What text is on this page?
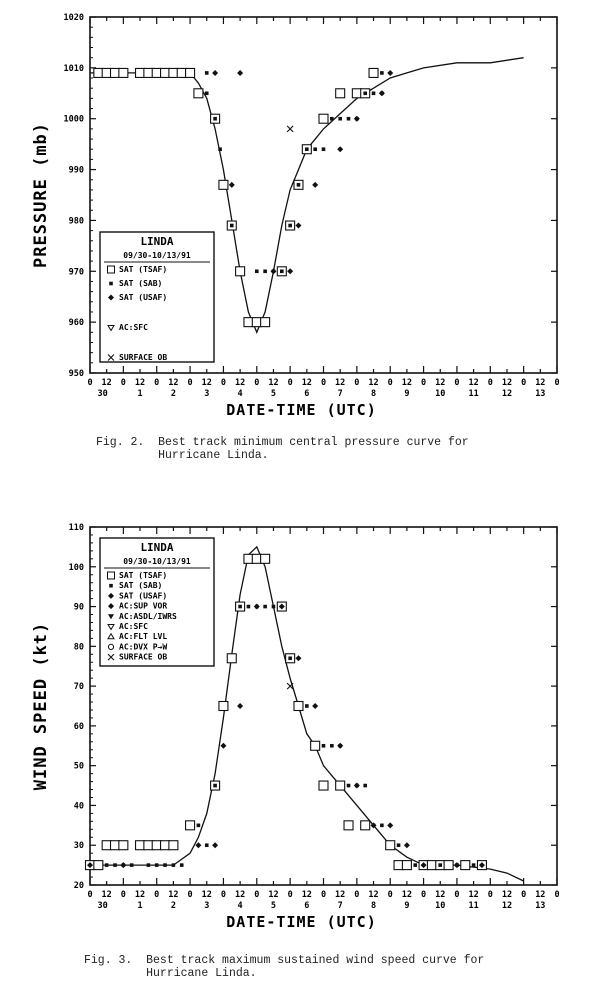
950
960
970
980
990
1000
1010
1020
0 12 0 12 0 12 0 12 0 12 0 12 0 12 0 12 0 12 0 12 0 12 0 12 0 12 0 12 0
30	1	2	3	4	5	6	7	8	9	10	11	12	13
PRESSURE (mb)
DATE-TIME (UTC)
LINDA
09/30-10/13/91
SAT (TSAF)
SAT (SAB)
SAT (USAF)
AC:SFC
SURFACE OB
20
30
40
50
60
70
80
90
100
110
0 12 0 12 0 12 0 12 0 12 0 12 0 12 0 12 0 12 0 12 0 12 0 12 0 12 0 12 0
30	1	2	3	4	5	6	7	8	9	10	11	12	13
WIND SPEED (kt)
DATE-TIME (UTC)
LINDA
09/30-10/13/91
SAT (TSAF)
SAT (SAB)
SAT (USAF)
AC:SUP VOR
AC:ASDL/IWRS
AC:SFC
AC:FLT LVL
AC:DVX P→W
SURFACE OB
Fig. 2. Best track minimum central pressure curve for
Hurricane Linda.
Fig. 3. Best track maximum sustained wind speed curve for
Hurricane Linda.
